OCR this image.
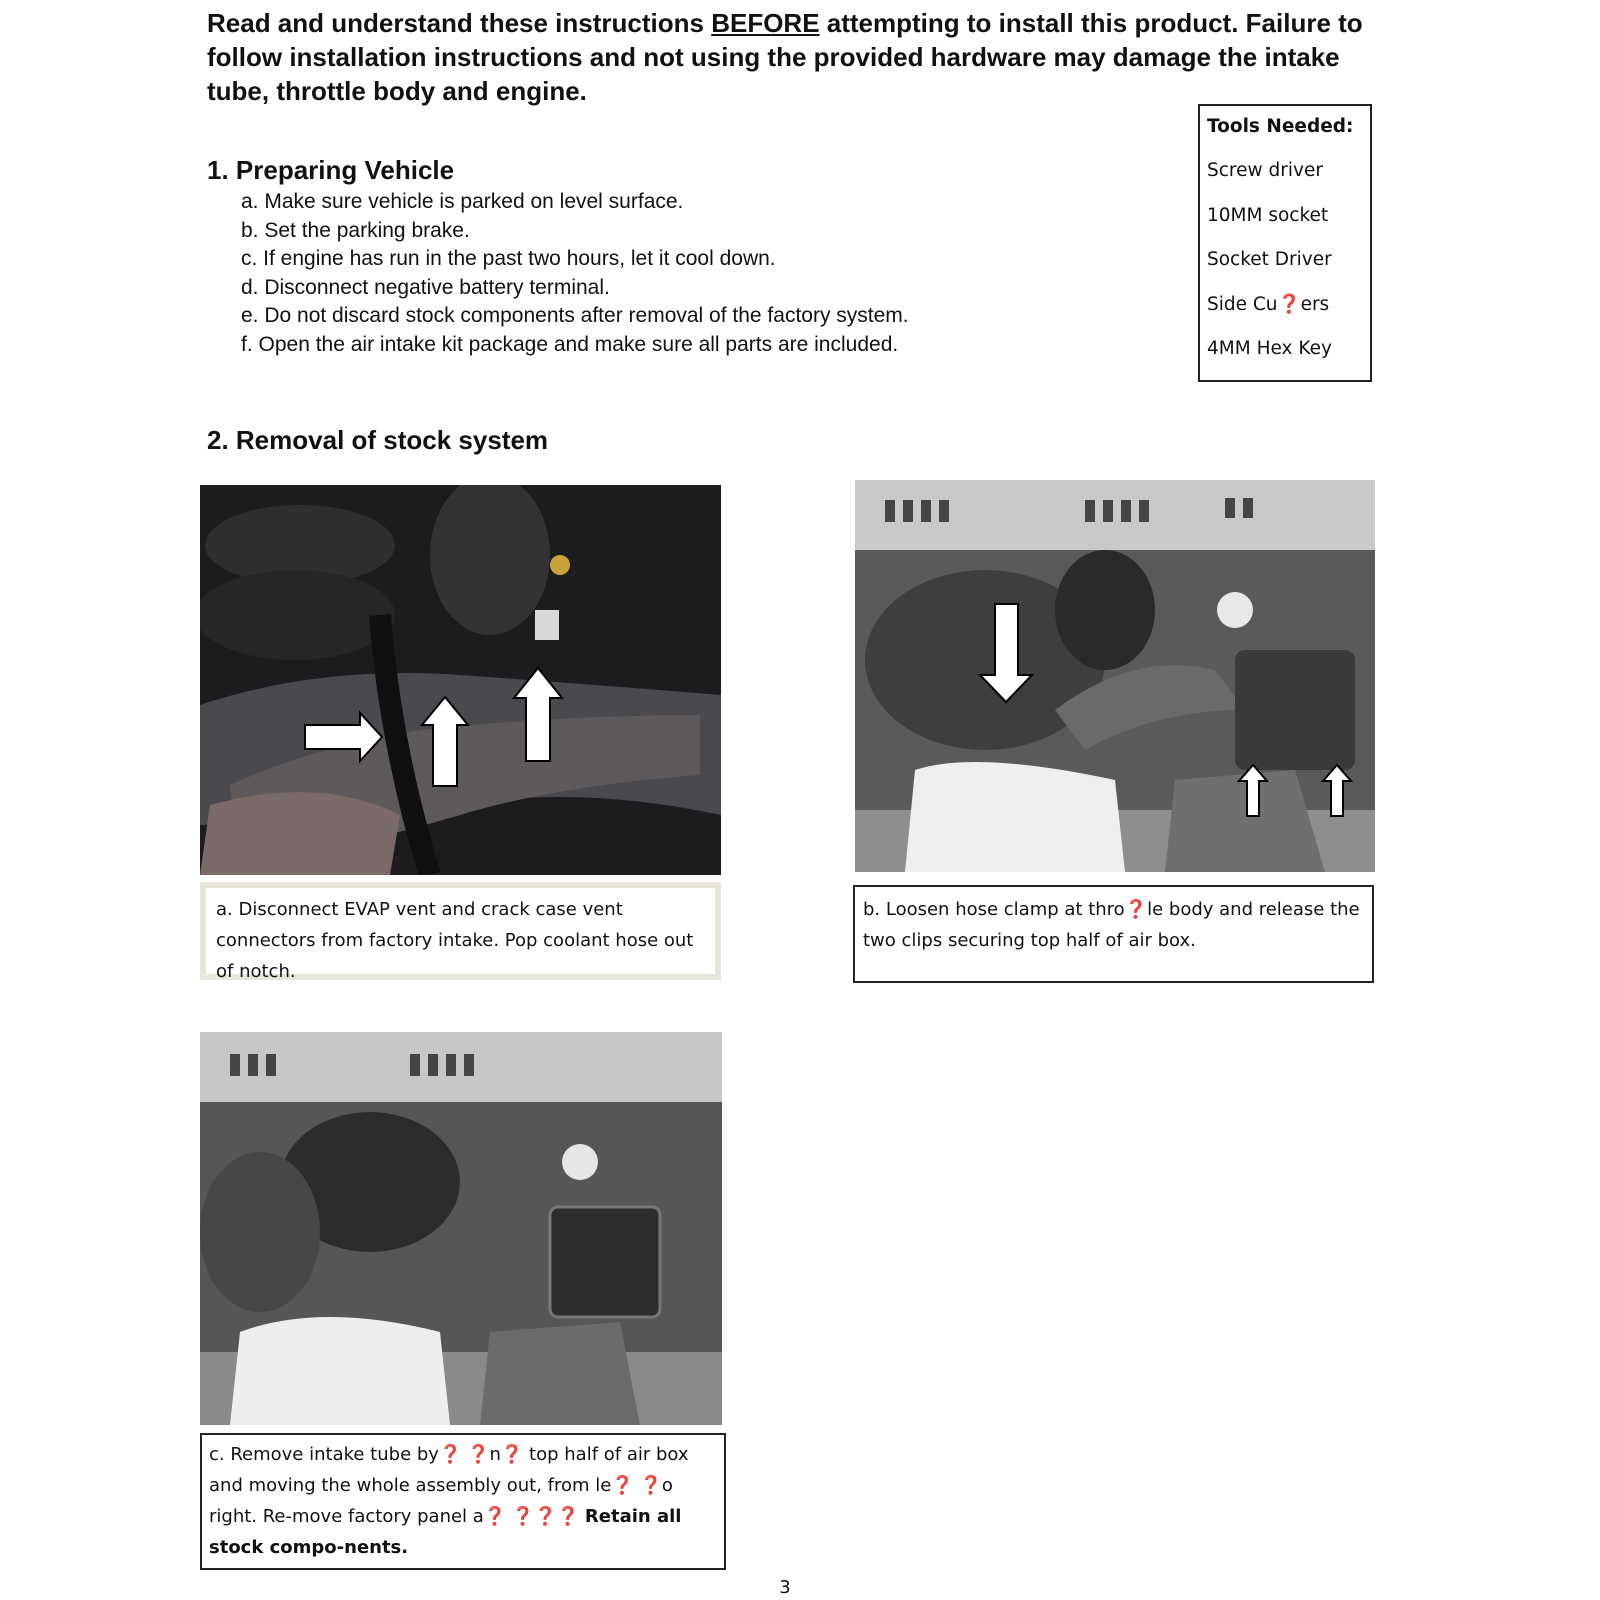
Read and understand these instructions BEFORE attempting to install this product. Failure to follow installation instructions and not using the provided hardware may damage the intake tube, throttle body and engine.

Tools Needed:
Screw driver
10MM socket
Socket Driver
Side Cu❓ers
4MM Hex Key
1. Preparing Vehicle
a. Make sure vehicle is parked on level surface.
b. Set the parking brake.
c. If engine has run in the past two hours, let it cool down.
d. Disconnect negative battery terminal.
e. Do not discard stock components after removal of the factory system.
f. Open the air intake kit package and make sure all parts are included.
2. Removal of stock system
a. Disconnect EVAP vent and crack case vent connectors from factory intake. Pop coolant hose out of notch.
b. Loosen hose clamp at thro❓le body and release the two clips securing top half of air box.
c. Remove intake tube by❓ ❓n❓ top half of air box and moving the whole assembly out, from le❓ ❓o right. Re-move factory panel a❓ ❓❓❓ Retain all stock compo-nents.
3
